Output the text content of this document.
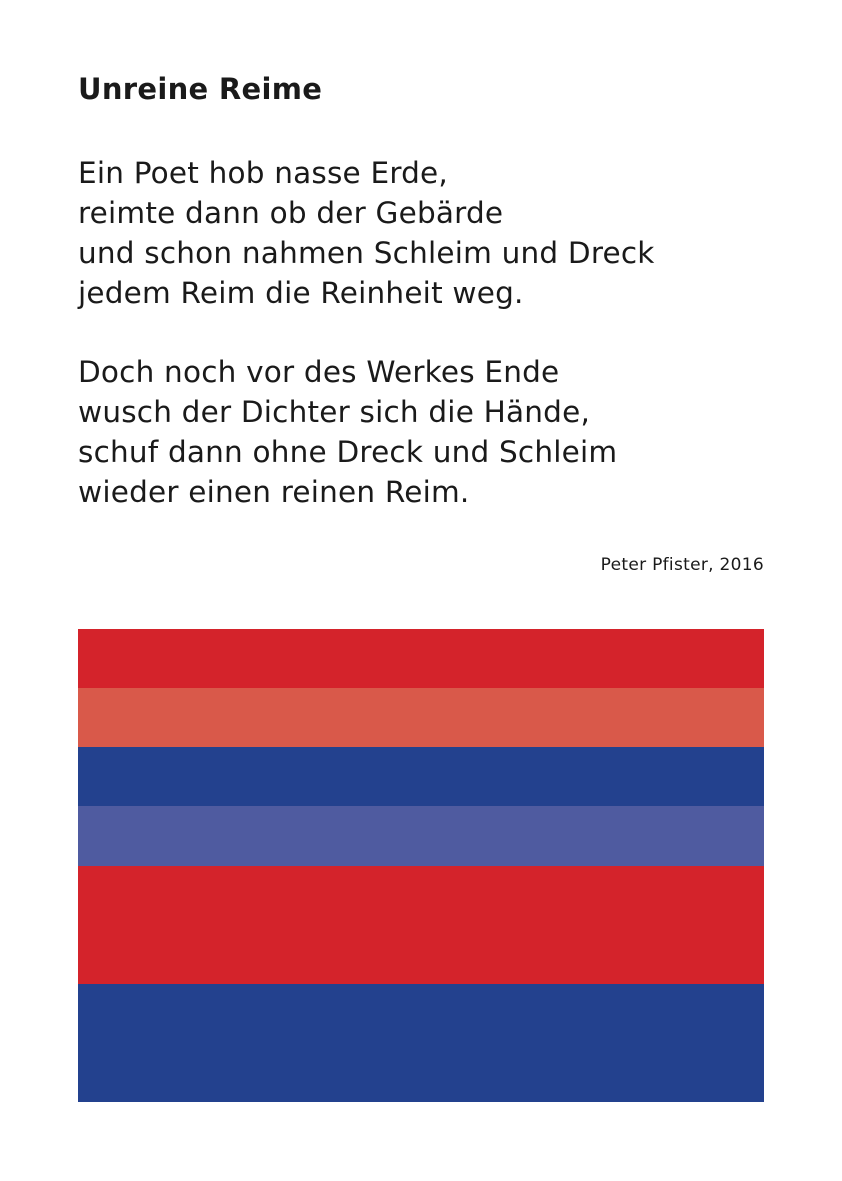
Unreine Reime

Ein Poet hob nasse Erde,
reimte dann ob der Gebärde
und schon nahmen Schleim und Dreck
jedem Reim die Reinheit weg.

Doch noch vor des Werkes Ende
wusch der Dichter sich die Hände,
schuf dann ohne Dreck und Schleim
wieder einen reinen Reim.

Peter Pfister, 2016
